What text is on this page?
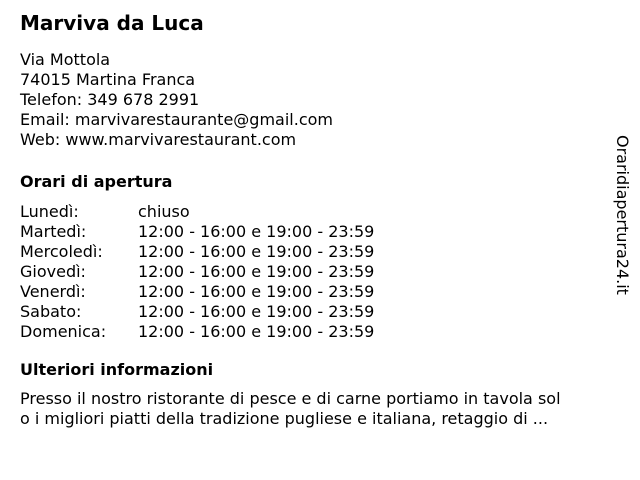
Marviva da Luca
Via Mottola
74015 Martina Franca
Telefon: 349 678 2991
Email: marvivarestaurante@gmail.com
Web: www.marvivarestaurant.com
Orari di apertura
Lunedì:	chiuso
Martedì:	12:00 - 16:00 e 19:00 - 23:59
Mercoledì:	12:00 - 16:00 e 19:00 - 23:59
Giovedì:	12:00 - 16:00 e 19:00 - 23:59
Venerdì:	12:00 - 16:00 e 19:00 - 23:59
Sabato:	12:00 - 16:00 e 19:00 - 23:59
Domenica:	12:00 - 16:00 e 19:00 - 23:59
Ulteriori informazioni
Presso il nostro ristorante di pesce e di carne portiamo in tavola sol
o i migliori piatti della tradizione pugliese e italiana, retaggio di ...
Oraridiapertura24.it
